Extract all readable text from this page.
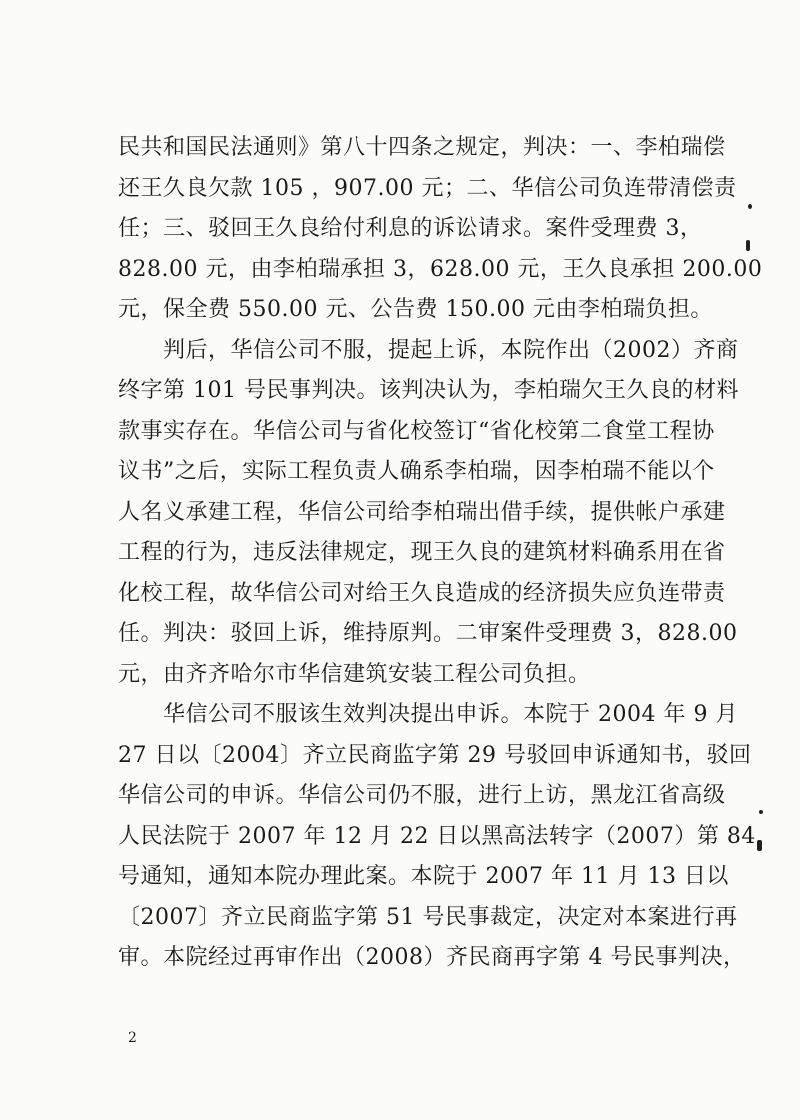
民共和国民法通则》第八十四条之规定，判决：一、李柏瑞偿
还王久良欠款 105 ，907.00 元；二、华信公司负连带清偿责
任；三、驳回王久良给付利息的诉讼请求。案件受理费 3，
828.00 元，由李柏瑞承担 3，628.00 元，王久良承担 200.00
元，保全费 550.00 元、公告费 150.00 元由李柏瑞负担。
　　判后，华信公司不服，提起上诉，本院作出（2002）齐商
终字第 101 号民事判决。该判决认为，李柏瑞欠王久良的材料
款事实存在。华信公司与省化校签订“省化校第二食堂工程协
议书”之后，实际工程负责人确系李柏瑞，因李柏瑞不能以个
人名义承建工程，华信公司给李柏瑞出借手续，提供帐户承建
工程的行为，违反法律规定，现王久良的建筑材料确系用在省
化校工程，故华信公司对给王久良造成的经济损失应负连带责
任。判决：驳回上诉，维持原判。二审案件受理费 3，828.00
元，由齐齐哈尔市华信建筑安装工程公司负担。
　　华信公司不服该生效判决提出申诉。本院于 2004 年 9 月
27 日以〔2004〕齐立民商监字第 29 号驳回申诉通知书，驳回
华信公司的申诉。华信公司仍不服，进行上访，黑龙江省高级
人民法院于 2007 年 12 月 22 日以黑高法转字（2007）第 84
号通知，通知本院办理此案。本院于 2007 年 11 月 13 日以
〔2007〕齐立民商监字第 51 号民事裁定，决定对本案进行再
审。本院经过再审作出（2008）齐民商再字第 4 号民事判决，
2
